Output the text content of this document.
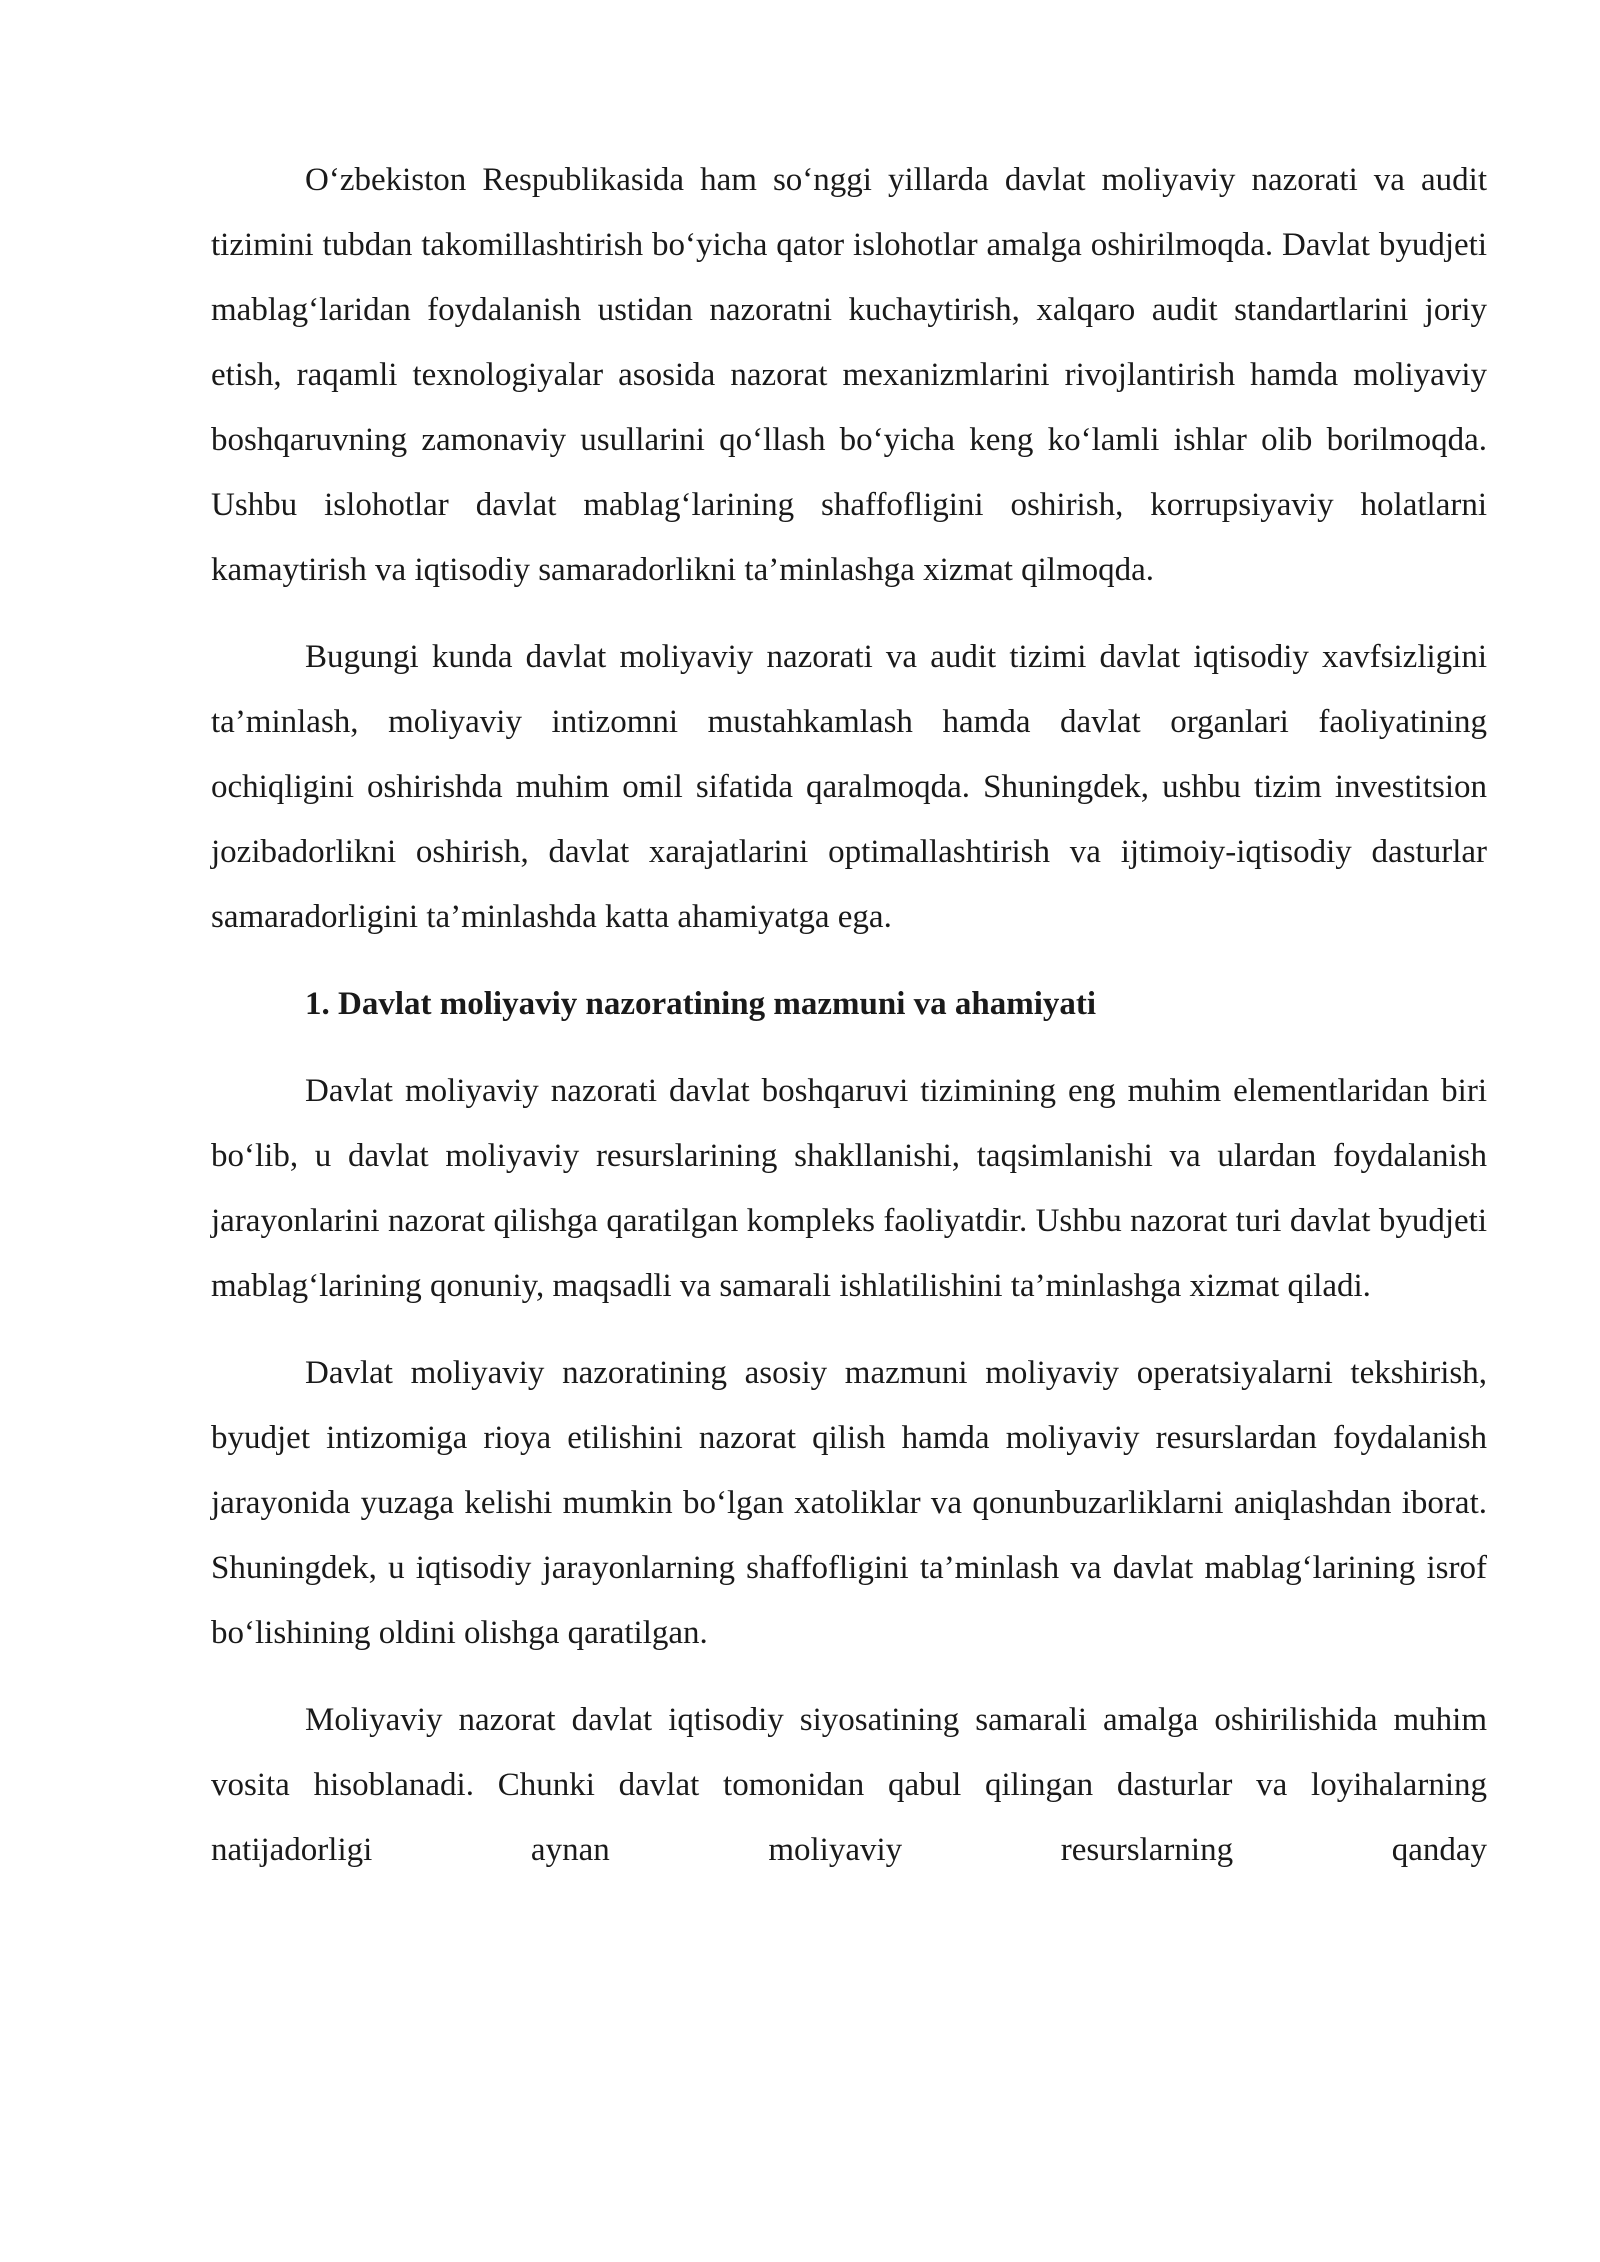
O‘zbekiston Respublikasida ham so‘nggi yillarda davlat moliyaviy nazorati va audit tizimini tubdan takomillashtirish bo‘yicha qator islohotlar amalga oshirilmoqda. Davlat byudjeti mablag‘laridan foydalanish ustidan nazoratni kuchaytirish, xalqaro audit standartlarini joriy etish, raqamli texnologiyalar asosida nazorat mexanizmlarini rivojlantirish hamda moliyaviy boshqaruvning zamonaviy usullarini qo‘llash bo‘yicha keng ko‘lamli ishlar olib borilmoqda. Ushbu islohotlar davlat mablag‘larining shaffofligini oshirish, korrupsiyaviy holatlarni kamaytirish va iqtisodiy samaradorlikni ta’minlashga xizmat qilmoqda.

Bugungi kunda davlat moliyaviy nazorati va audit tizimi davlat iqtisodiy xavfsizligini ta’minlash, moliyaviy intizomni mustahkamlash hamda davlat organlari faoliyatining ochiqligini oshirishda muhim omil sifatida qaralmoqda. Shuningdek, ushbu tizim investitsion jozibadorlikni oshirish, davlat xarajatlarini optimallashtirish va ijtimoiy-iqtisodiy dasturlar samaradorligini ta’minlashda katta ahamiyatga ega.

1. Davlat moliyaviy nazoratining mazmuni va ahamiyati

Davlat moliyaviy nazorati davlat boshqaruvi tizimining eng muhim elementlaridan biri bo‘lib, u davlat moliyaviy resurslarining shakllanishi, taqsimlanishi va ulardan foydalanish jarayonlarini nazorat qilishga qaratilgan kompleks faoliyatdir. Ushbu nazorat turi davlat byudjeti mablag‘larining qonuniy, maqsadli va samarali ishlatilishini ta’minlashga xizmat qiladi.

Davlat moliyaviy nazoratining asosiy mazmuni moliyaviy operatsiyalarni tekshirish, byudjet intizomiga rioya etilishini nazorat qilish hamda moliyaviy resurslardan foydalanish jarayonida yuzaga kelishi mumkin bo‘lgan xatoliklar va qonunbuzarliklarni aniqlashdan iborat. Shuningdek, u iqtisodiy jarayonlarning shaffofligini ta’minlash va davlat mablag‘larining isrof bo‘lishining oldini olishga qaratilgan.

Moliyaviy nazorat davlat iqtisodiy siyosatining samarali amalga oshirilishida muhim vosita hisoblanadi. Chunki davlat tomonidan qabul qilingan dasturlar va loyihalarning natijadorligi aynan moliyaviy resurslarning qanday
